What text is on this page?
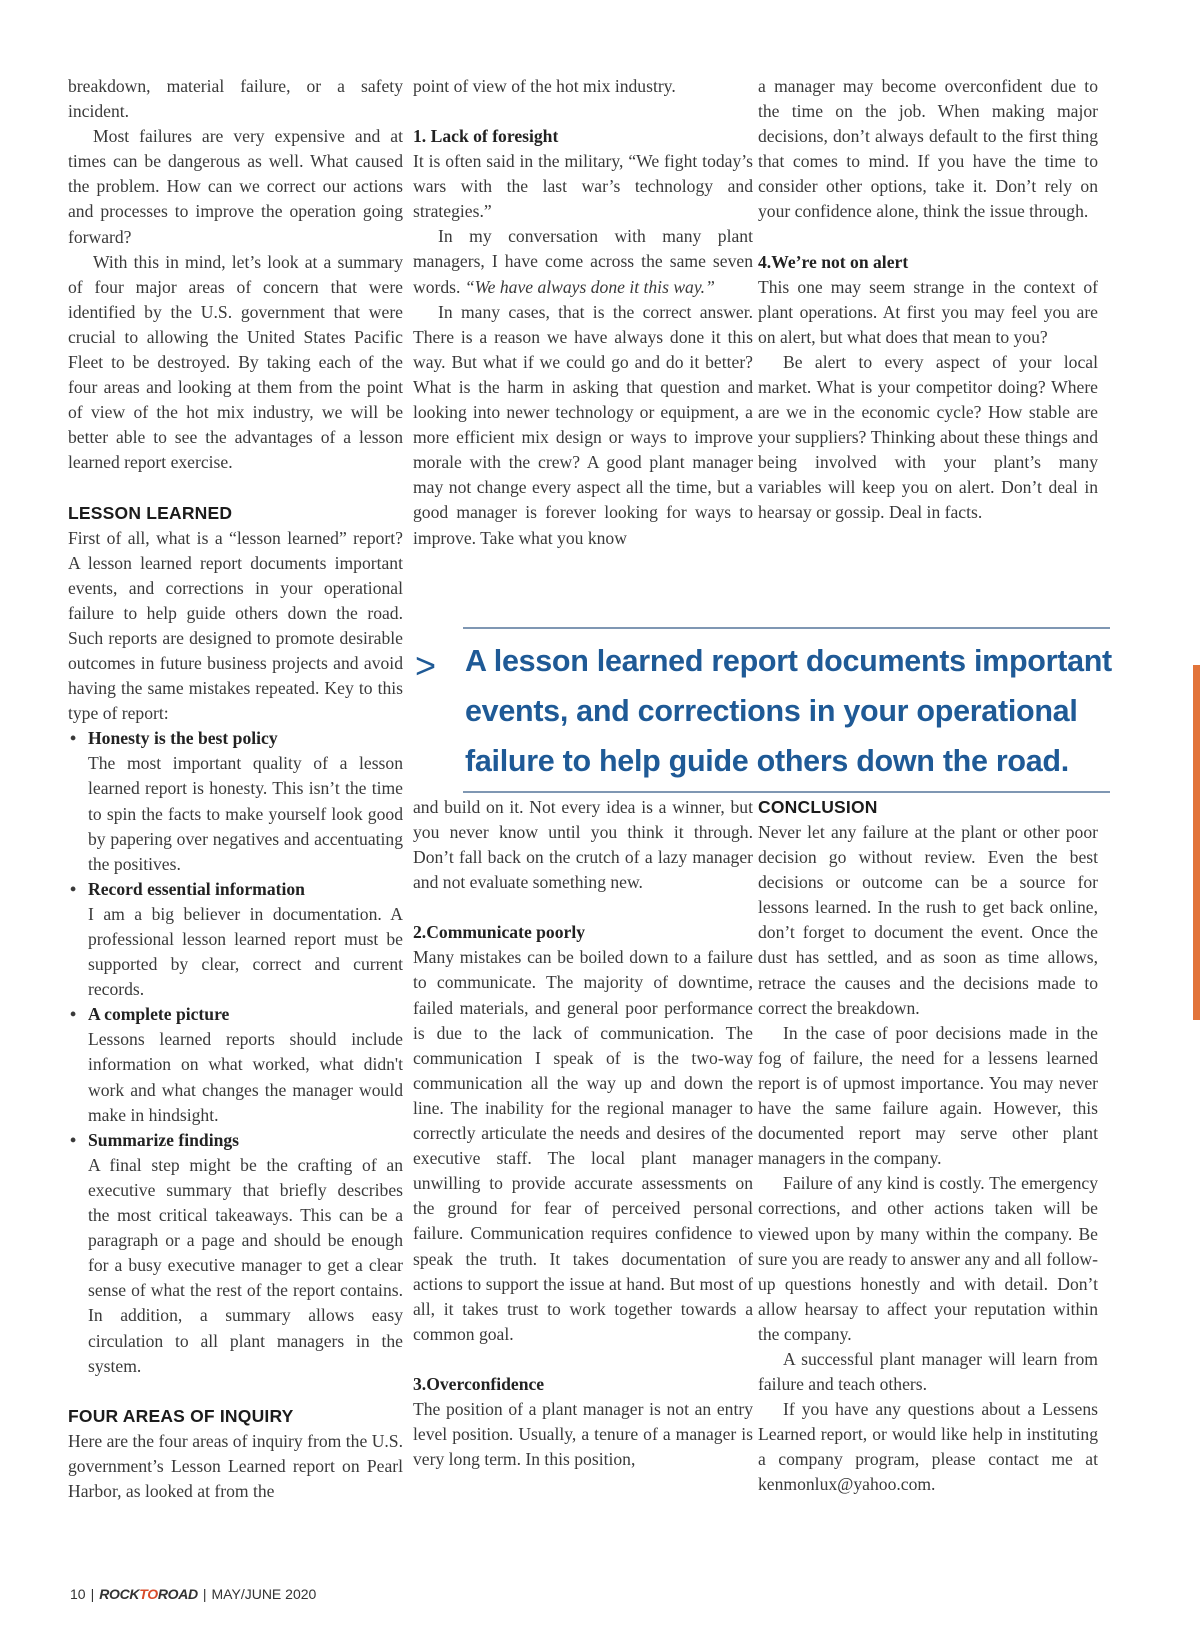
breakdown, material failure, or a safety incident.

Most failures are very expensive and at times can be dangerous as well. What caused the problem. How can we correct our actions and processes to improve the operation going forward?

With this in mind, let’s look at a summary of four major areas of concern that were identified by the U.S. government that were crucial to allowing the United States Pacific Fleet to be destroyed. By taking each of the four areas and looking at them from the point of view of the hot mix industry, we will be better able to see the advantages of a lesson learned report exercise.

LESSON LEARNED

First of all, what is a “lesson learned” report? A lesson learned report documents important events, and corrections in your operational failure to help guide others down the road. Such reports are designed to promote desirable outcomes in future business projects and avoid having the same mistakes repeated. Key to this type of report:

• Honesty is the best policy
The most important quality of a lesson learned report is honesty. This isn’t the time to spin the facts to make yourself look good by papering over negatives and accentuating the positives.
• Record essential information
I am a big believer in documentation. A professional lesson learned report must be supported by clear, correct and current records.
• A complete picture
Lessons learned reports should include information on what worked, what didn't work and what changes the manager would make in hindsight.
• Summarize findings
A final step might be the crafting of an executive summary that briefly describes the most critical takeaways. This can be a paragraph or a page and should be enough for a busy executive manager to get a clear sense of what the rest of the report contains. In addition, a summary allows easy circulation to all plant managers in the system.
FOUR AREAS OF INQUIRY

Here are the four areas of inquiry from the U.S. government’s Lesson Learned report on Pearl Harbor, as looked at from the

point of view of the hot mix industry.

1. Lack of foresight

It is often said in the military, “We fight today’s wars with the last war’s technology and strategies.”

In my conversation with many plant managers, I have come across the same seven words. “We have always done it this way.”

In many cases, that is the correct answer. There is a reason we have always done it this way. But what if we could go and do it better? What is the harm in asking that question and looking into newer technology or equipment, a more efficient mix design or ways to improve morale with the crew? A good plant manager may not change every aspect all the time, but a good manager is forever looking for ways to improve. Take what you know

a manager may become overconfident due to the time on the job. When making major decisions, don’t always default to the first thing that comes to mind. If you have the time to consider other options, take it. Don’t rely on your confidence alone, think the issue through.

4.We’re not on alert

This one may seem strange in the context of plant operations. At first you may feel you are on alert, but what does that mean to you?

Be alert to every aspect of your local market. What is your competitor doing? Where are we in the economic cycle? How stable are your suppliers? Thinking about these things and being involved with your plant’s many variables will keep you on alert. Don’t deal in hearsay or gossip. Deal in facts.

> A lesson learned report documents important events, and corrections in your operational failure to help guide others down the road.

and build on it. Not every idea is a winner, but you never know until you think it through. Don’t fall back on the crutch of a lazy manager and not evaluate something new.

2.Communicate poorly

Many mistakes can be boiled down to a failure to communicate. The majority of downtime, failed materials, and general poor performance is due to the lack of communication. The communication I speak of is the two-way communication all the way up and down the line. The inability for the regional manager to correctly articulate the needs and desires of the executive staff. The local plant manager unwilling to provide accurate assessments on the ground for fear of perceived personal failure. Communication requires confidence to speak the truth. It takes documentation of actions to support the issue at hand. But most of all, it takes trust to work together towards a common goal.

3.Overconfidence

The position of a plant manager is not an entry level position. Usually, a tenure of a manager is very long term. In this position,

CONCLUSION

Never let any failure at the plant or other poor decision go without review. Even the best decisions or outcome can be a source for lessons learned. In the rush to get back online, don’t forget to document the event. Once the dust has settled, and as soon as time allows, retrace the causes and the decisions made to correct the breakdown.

In the case of poor decisions made in the fog of failure, the need for a lessens learned report is of upmost importance. You may never have the same failure again. However, this documented report may serve other plant managers in the company.

Failure of any kind is costly. The emergency corrections, and other actions taken will be viewed upon by many within the company. Be sure you are ready to answer any and all follow-up questions honestly and with detail. Don’t allow hearsay to affect your reputation within the company.

A successful plant manager will learn from failure and teach others.

If you have any questions about a Lessens Learned report, or would like help in instituting a company program, please contact me at kenmonlux@yahoo.com.

10 | ROCKTOROAD | MAY/JUNE 2020
